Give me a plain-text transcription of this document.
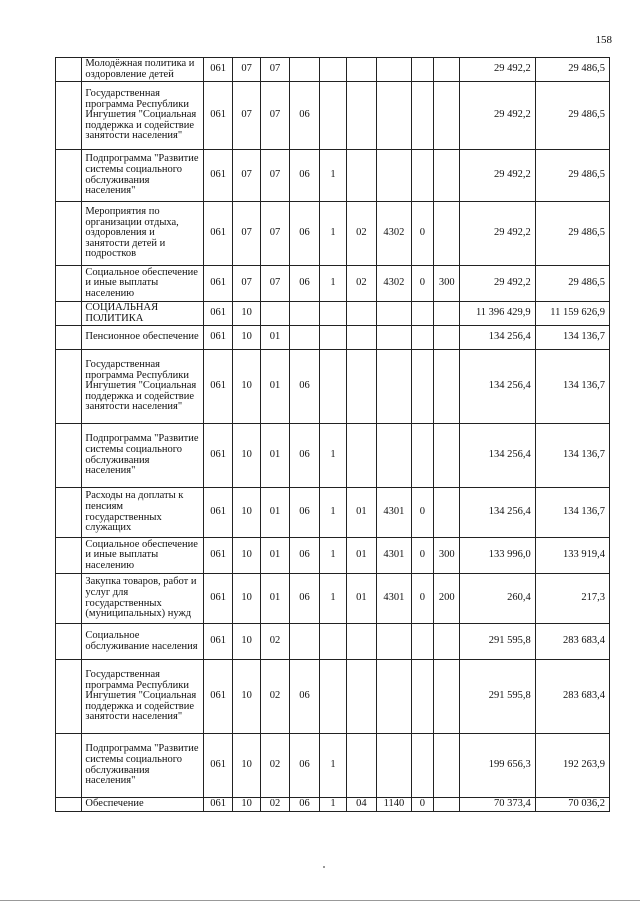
158
	Молодёжная политика и оздоровление детей	061	07	07							29 492,2	29 486,5
	Государственная программа Республики Ингушетия "Социальная поддержка и содействие занятости населения"	061	07	07	06						29 492,2	29 486,5
	Подпрограмма "Развитие системы социального обслуживания населения"	061	07	07	06	1					29 492,2	29 486,5
	Мероприятия по организации отдыха, оздоровления и занятости детей и подростков	061	07	07	06	1	02	4302	0		29 492,2	29 486,5
	Социальное обеспечение и иные выплаты населению	061	07	07	06	1	02	4302	0	300	29 492,2	29 486,5
	СОЦИАЛЬНАЯ ПОЛИТИКА	061	10								11 396 429,9	11 159 626,9
	Пенсионное обеспечение	061	10	01							134 256,4	134 136,7
	Государственная программа Республики Ингушетия "Социальная поддержка и содействие занятости населения"	061	10	01	06						134 256,4	134 136,7
	Подпрограмма "Развитие системы социального обслуживания населения"	061	10	01	06	1					134 256,4	134 136,7
	Расходы на доплаты к пенсиям государственных служащих	061	10	01	06	1	01	4301	0		134 256,4	134 136,7
	Социальное обеспечение и иные выплаты населению	061	10	01	06	1	01	4301	0	300	133 996,0	133 919,4
	Закупка товаров, работ и услуг для государственных (муниципальных) нужд	061	10	01	06	1	01	4301	0	200	260,4	217,3
	Социальное обслуживание населения	061	10	02							291 595,8	283 683,4
	Государственная программа Республики Ингушетия "Социальная поддержка и содействие занятости населения"	061	10	02	06						291 595,8	283 683,4
	Подпрограмма "Развитие системы социального обслуживания населения"	061	10	02	06	1					199 656,3	192 263,9
	Обеспечение	061	10	02	06	1	04	1140	0		70 373,4	70 036,2
